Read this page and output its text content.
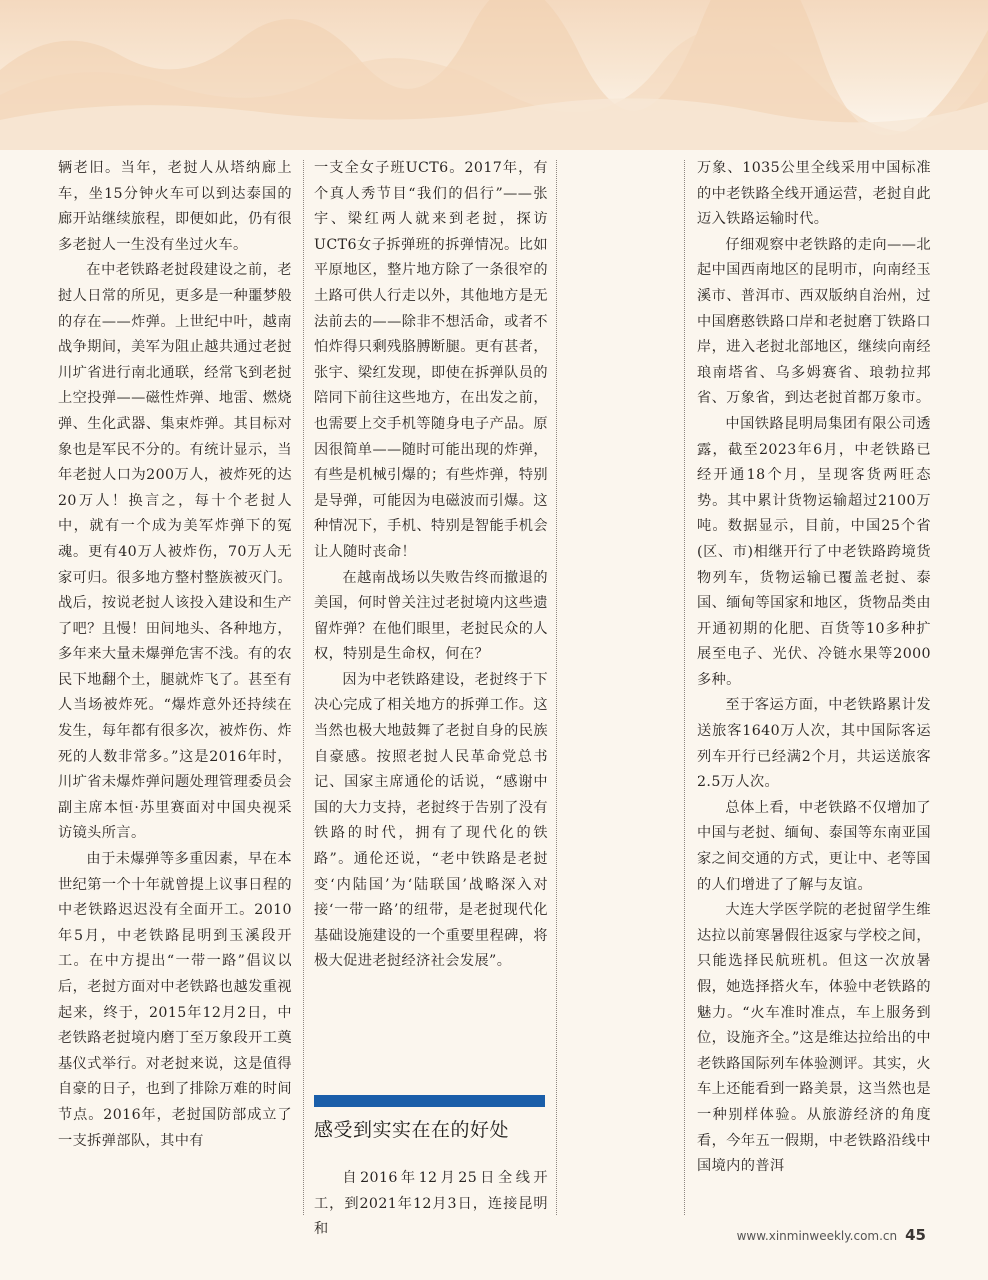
辆老旧。当年，老挝人从塔纳廊上车，坐15分钟火车可以到达泰国的廊开站继续旅程，即便如此，仍有很多老挝人一生没有坐过火车。

在中老铁路老挝段建设之前，老挝人日常的所见，更多是一种噩梦般的存在——炸弹。上世纪中叶，越南战争期间，美军为阻止越共通过老挝川圹省进行南北通联，经常飞到老挝上空投弹——磁性炸弹、地雷、燃烧弹、生化武器、集束炸弹。其目标对象也是军民不分的。有统计显示，当年老挝人口为200万人，被炸死的达20万人！换言之，每十个老挝人中，就有一个成为美军炸弹下的冤魂。更有40万人被炸伤，70万人无家可归。很多地方整村整族被灭门。战后，按说老挝人该投入建设和生产了吧？且慢！田间地头、各种地方，多年来大量未爆弹危害不浅。有的农民下地翻个土，腿就炸飞了。甚至有人当场被炸死。“爆炸意外还持续在发生，每年都有很多次，被炸伤、炸死的人数非常多。”这是2016年时，川圹省未爆炸弹问题处理管理委员会副主席本恒·苏里赛面对中国央视采访镜头所言。

由于未爆弹等多重因素，早在本世纪第一个十年就曾提上议事日程的中老铁路迟迟没有全面开工。2010年5月，中老铁路昆明到玉溪段开工。在中方提出“一带一路”倡议以后，老挝方面对中老铁路也越发重视起来，终于，2015年12月2日，中老铁路老挝境内磨丁至万象段开工奠基仪式举行。对老挝来说，这是值得自豪的日子，也到了排除万难的时间节点。2016年，老挝国防部成立了一支拆弹部队，其中有

一支全女子班UCT6。2017年，有个真人秀节目“我们的侣行”——张宇、梁红两人就来到老挝，探访UCT6女子拆弹班的拆弹情况。比如平原地区，整片地方除了一条很窄的土路可供人行走以外，其他地方是无法前去的——除非不想活命，或者不怕炸得只剩残胳膊断腿。更有甚者，张宇、梁红发现，即使在拆弹队员的陪同下前往这些地方，在出发之前，也需要上交手机等随身电子产品。原因很简单——随时可能出现的炸弹，有些是机械引爆的；有些炸弹，特别是导弹，可能因为电磁波而引爆。这种情况下，手机、特别是智能手机会让人随时丧命！

在越南战场以失败告终而撤退的美国，何时曾关注过老挝境内这些遗留炸弹？在他们眼里，老挝民众的人权，特别是生命权，何在？

因为中老铁路建设，老挝终于下决心完成了相关地方的拆弹工作。这当然也极大地鼓舞了老挝自身的民族自豪感。按照老挝人民革命党总书记、国家主席通伦的话说，“感谢中国的大力支持，老挝终于告别了没有铁路的时代，拥有了现代化的铁路”。通伦还说，“老中铁路是老挝变‘内陆国’为‘陆联国’战略深入对接‘一带一路’的纽带，是老挝现代化基础设施建设的一个重要里程碑，将极大促进老挝经济社会发展”。

感受到实实在在的好处

自2016年12月25日全线开工，到2021年12月3日，连接昆明和

万象、1035公里全线采用中国标准的中老铁路全线开通运营，老挝自此迈入铁路运输时代。

仔细观察中老铁路的走向——北起中国西南地区的昆明市，向南经玉溪市、普洱市、西双版纳自治州，过中国磨憨铁路口岸和老挝磨丁铁路口岸，进入老挝北部地区，继续向南经琅南塔省、乌多姆赛省、琅勃拉邦省、万象省，到达老挝首都万象市。

中国铁路昆明局集团有限公司透露，截至2023年6月，中老铁路已经开通18个月，呈现客货两旺态势。其中累计货物运输超过2100万吨。数据显示，目前，中国25个省(区、市)相继开行了中老铁路跨境货物列车，货物运输已覆盖老挝、泰国、缅甸等国家和地区，货物品类由开通初期的化肥、百货等10多种扩展至电子、光伏、冷链水果等2000多种。

至于客运方面，中老铁路累计发送旅客1640万人次，其中国际客运列车开行已经满2个月，共运送旅客2.5万人次。

总体上看，中老铁路不仅增加了中国与老挝、缅甸、泰国等东南亚国家之间交通的方式，更让中、老等国的人们增进了了解与友谊。

大连大学医学院的老挝留学生维达拉以前寒暑假往返家与学校之间，只能选择民航班机。但这一次放暑假，她选择搭火车，体验中老铁路的魅力。“火车准时准点，车上服务到位，设施齐全。”这是维达拉给出的中老铁路国际列车体验测评。其实，火车上还能看到一路美景，这当然也是一种别样体验。从旅游经济的角度看，今年五一假期，中老铁路沿线中国境内的普洱

www.xinminweekly.com.cn 45
